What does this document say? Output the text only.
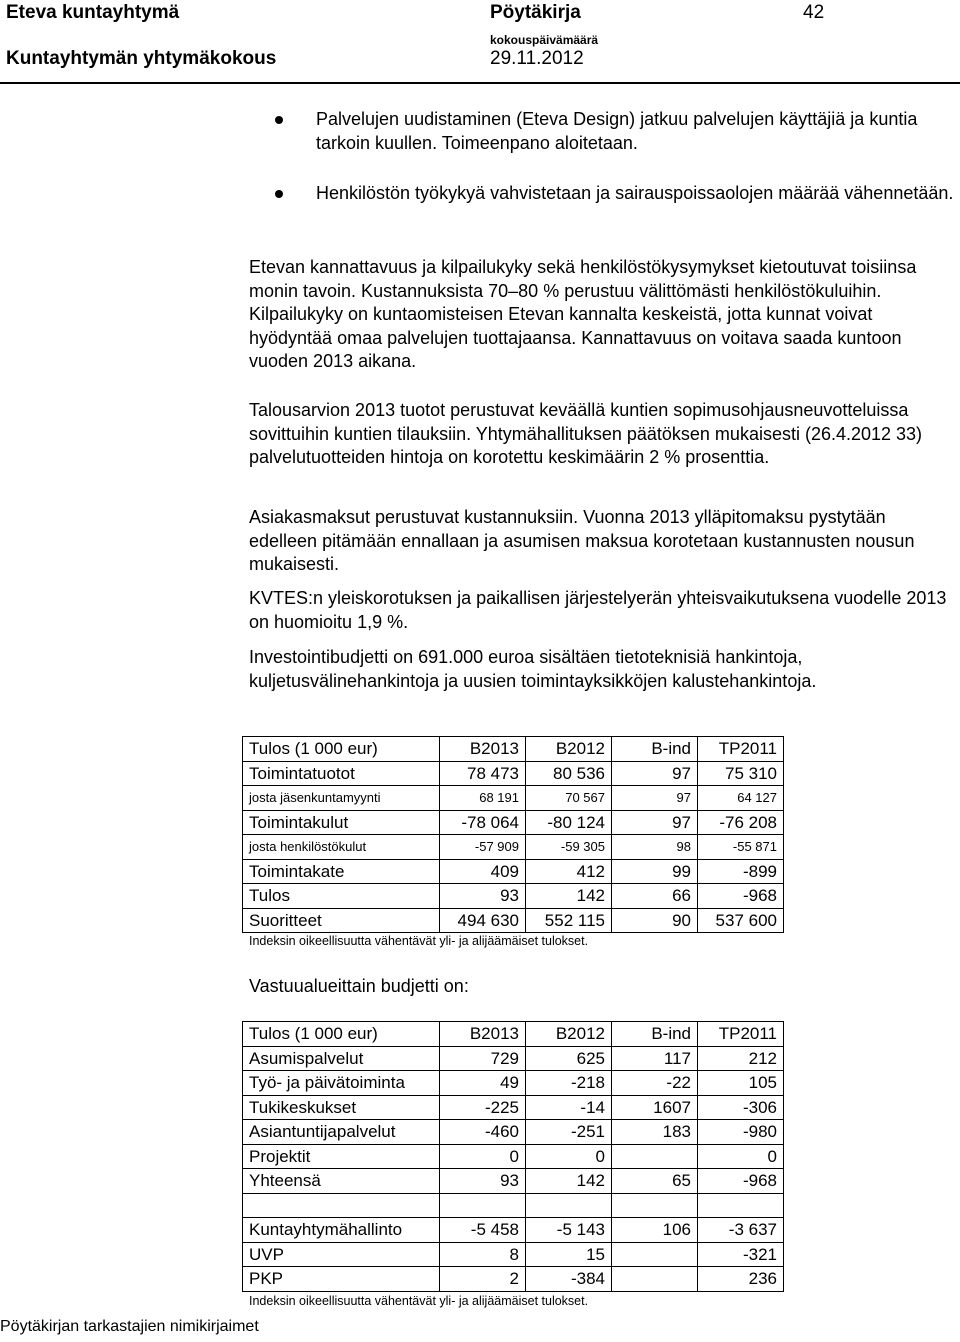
Eteva kuntayhtymä	Pöytäkirja	42
Kuntayhtymän yhtymäkokous
kokouspäivämäärä
29.11.2012

Palvelujen uudistaminen (Eteva Design) jatkuu palvelujen käyttäjiä ja kuntia tarkoin kuullen. Toimeenpano aloitetaan.

Henkilöstön työkykyä vahvistetaan ja sairauspoissaolojen määrää vähennetään.

Etevan kannattavuus ja kilpailukyky sekä henkilöstökysymykset kietoutuvat toisiinsa monin tavoin. Kustannuksista 70–80 % perustuu välittömästi henkilöstökuluihin. Kilpailukyky on kuntaomisteisen Etevan kannalta keskeistä, jotta kunnat voivat hyödyntää omaa palvelujen tuottajaansa. Kannattavuus on voitava saada kuntoon vuoden 2013 aikana.

Talousarvion 2013 tuotot perustuvat keväällä kuntien sopimusohjausneuvotteluissa sovittuihin kuntien tilauksiin. Yhtymähallituksen päätöksen mukaisesti (26.4.2012 33) palvelutuotteiden hintoja on korotettu keskimäärin 2 % prosenttia.

Asiakasmaksut perustuvat kustannuksiin. Vuonna 2013 ylläpitomaksu pystytään edelleen pitämään ennallaan ja asumisen maksua korotetaan kustannusten nousun mukaisesti.

KVTES:n yleiskorotuksen ja paikallisen järjestelyerän yhteisvaikutuksena vuodelle 2013 on huomioitu 1,9 %.

Investointibudjetti on 691.000 euroa sisältäen tietoteknisiä hankintoja, kuljetusvälinehankintoja ja uusien toimintayksikköjen kalustehankintoja.

Tulos (1 000 eur)	B2013	B2012	B-ind	TP2011
Toimintatuotot	78 473	80 536	97	75 310
josta jäsenkuntamyynti	68 191	70 567	97	64 127
Toimintakulut	-78 064	-80 124	97	-76 208
josta henkilöstökulut	-57 909	-59 305	98	-55 871
Toimintakate	409	412	99	-899
Tulos	93	142	66	-968
Suoritteet	494 630	552 115	90	537 600
Indeksin oikeellisuutta vähentävät yli- ja alijäämäiset tulokset.
Vastuualueittain budjetti on:
Tulos (1 000 eur)	B2013	B2012	B-ind	TP2011
Asumispalvelut	729	625	117	212
Työ- ja päivätoiminta	49	-218	-22	105
Tukikeskukset	-225	-14	1607	-306
Asiantuntijapalvelut	-460	-251	183	-980
Projektit	0	0		0
Yhteensä	93	142	65	-968

Kuntayhtymähallinto	-5 458	-5 143	106	-3 637
UVP	8	15		-321
PKP	2	-384		236
Indeksin oikeellisuutta vähentävät yli- ja alijäämäiset tulokset.
Pöytäkirjan tarkastajien nimikirjaimet
